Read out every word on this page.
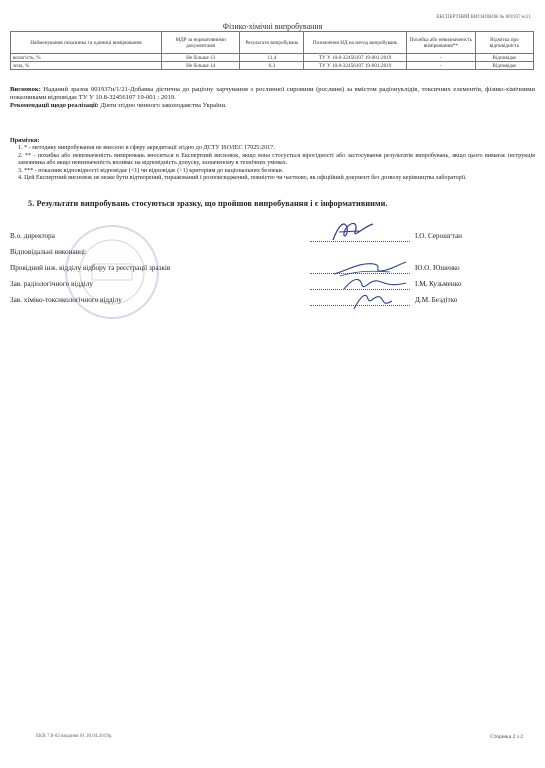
ЕКСПЕРТНИЙ ВИСНОВОК № 001937 н/21
Фізико-хімічні випробування
Найменування показника та одиниці вимірювання	МДР за нормативними документами	Результати випробувань	Позначення НД на метод випробувань	Похибка або невизначеність вимірювання**	Відмітка про відповідність
вологість, %	Не більше 13	11,4	ТУ У 10.8-32456107 19-001:2019	-	Відповідає
зола, %	Не більше 14	6,3	ТУ У 10.8-32456107 19-001:2019	-	Відповідає
Висновок: Наданий зразок 001937н/1/21-Добавка дієтична до раціону харчування з рослинної сировини (рослини) за вмістом радіонуклідів, токсичних елементів, фізико-хімічними показниками відповідає ТУ У 10.8-32456107 19-001 : 2019.
Рекомендації щодо реалізації: Діяти згідно чинного законодавства України.
Примітки:
1. * - методику випробування не внесено в сферу акредитації згідно до ДСТУ ISO/IEC 17025:2017.
2. ** - похибка або невизначеність вимірювань вноситься в Експертний висновок, якщо вона стосується вірогідності або застосування результатів випробувань, якщо цього вимагає інструкція замовника або якщо невизначеність впливає на відповідність допуску, зазначеному в технічних умовах.
3. *** - показник відповідності відповідає (<1) чи відповідає (>1) критеріям до національних безпеки.
4. Цей Експертний висновок не може бути відтворений, тиражований і розповсюджений, повністю чи частково, як офіційний документ без дозволу керівництва лабораторії.
5. Результати випробувань стосуються зразку, що пройшов випробування і є інформативними.
В.о. директора	І.О. Серошгтан
Відповідальні виконавці:
Провідний інж. відділу відбору та реєстрації зразків	Ю.О. Юшенко
Зав. радіологічного відділу	І.М. Кузьменко
Зав. хіміко-токсикологічного відділу	Д.М. Бездітко
ЕКВ 7.8-02 видання 01 26.04.2019р.	Сторінка 2 з 2
